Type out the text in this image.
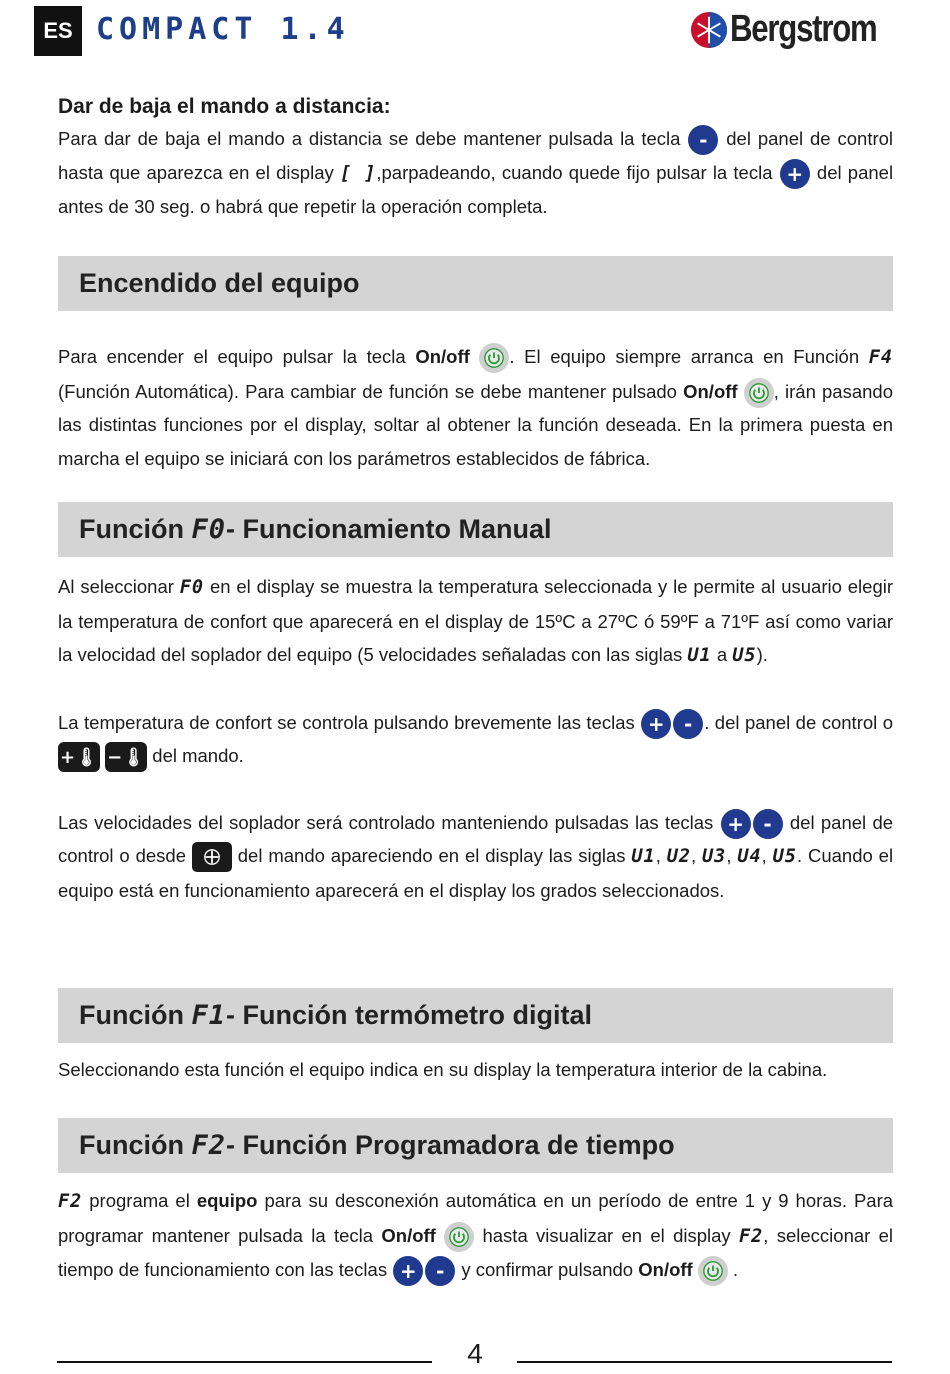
ES COMPACT 1.4	Bergstrom

Dar de baja el mando a distancia:

Para dar de baja el mando a distancia se debe mantener pulsada la tecla - del panel de control hasta que aparezca en el display [ ],parpadeando, cuando quede fijo pulsar la tecla + del panel antes de 30 seg. o habrá que repetir la operación completa.

Encendido del equipo

Para encender el equipo pulsar la tecla On/off . El equipo siempre arranca en Función F4 (Función Automática). Para cambiar de función se debe mantener pulsado On/off , irán pasando las distintas funciones por el display, soltar al obtener la función deseada. En la primera puesta en marcha el equipo se iniciará con los parámetros establecidos de fábrica.

Función
F0 - Funcionamiento Manual

Al seleccionar F0 en el display se muestra la temperatura seleccionada y le permite al usuario elegir la temperatura de confort que aparecerá en el display de 15ºC a 27ºC ó 59ºF a 71ºF así como variar la velocidad del soplador del equipo (5 velocidades señaladas con las siglas U1 a U5).

La temperatura de confort se controla pulsando brevemente las teclas + - . del panel de control o +🌡 −🌡 del mando.

Las velocidades del soplador será controlado manteniendo pulsadas las teclas + - del panel de control o desde	del mando apareciendo en el display las siglas U1, U2, U3, U4, U5. Cuando el equipo está en funcionamiento aparecerá en el display los grados seleccionados.

Función
F1 - Función termómetro digital

Seleccionando esta función el equipo indica en su display la temperatura interior de la cabina.

Función
F2 - Función Programadora de tiempo

F2 programa el equipo para su desconexión automática en un período de entre 1 y 9 horas. Para programar mantener pulsada la tecla On/off	hasta visualizar en el display F2, seleccionar el tiempo de funcionamiento con las teclas + - y confirmar pulsando On/off .

4
